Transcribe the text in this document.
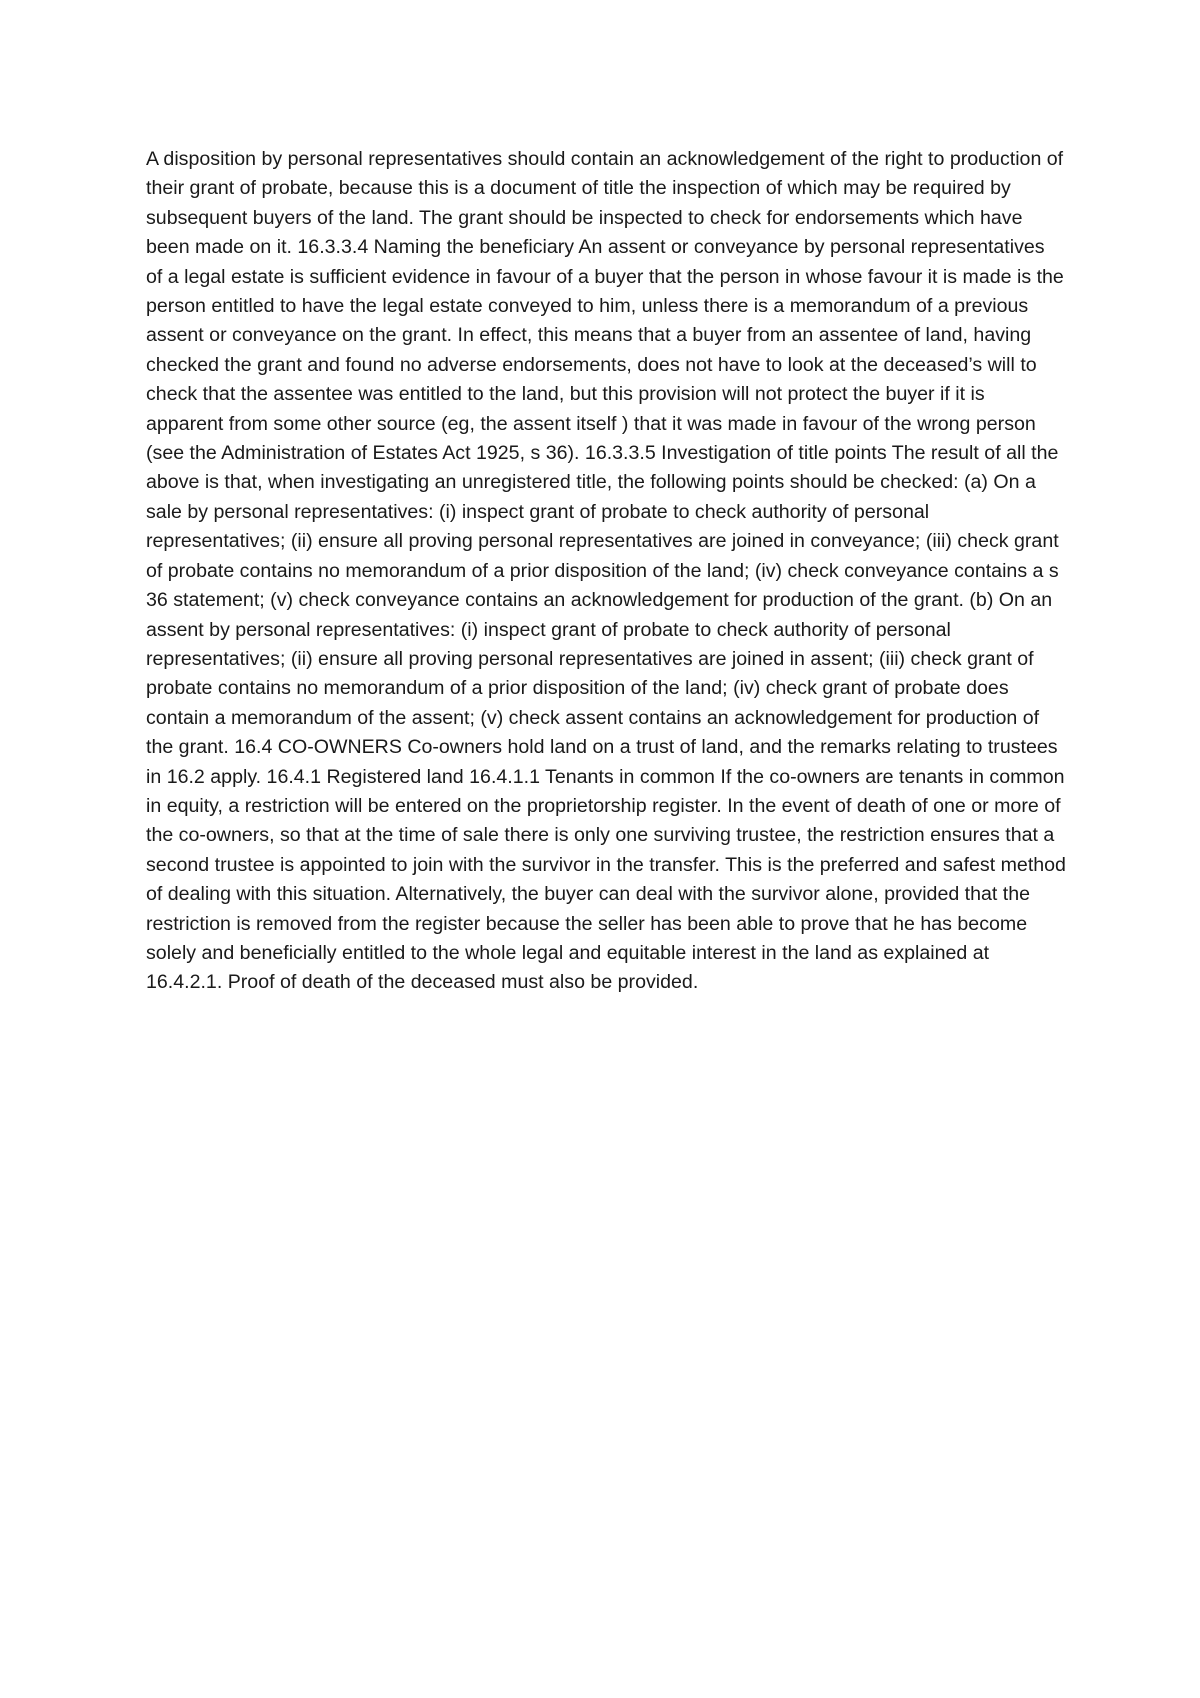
A disposition by personal representatives should contain an acknowledgement of the right to production of their grant of probate, because this is a document of title the inspection of which may be required by subsequent buyers of the land. The grant should be inspected to check for endorsements which have been made on it. 16.3.3.4 Naming the beneficiary An assent or conveyance by personal representatives of a legal estate is sufficient evidence in favour of a buyer that the person in whose favour it is made is the person entitled to have the legal estate conveyed to him, unless there is a memorandum of a previous assent or conveyance on the grant. In effect, this means that a buyer from an assentee of land, having checked the grant and found no adverse endorsements, does not have to look at the deceased’s will to check that the assentee was entitled to the land, but this provision will not protect the buyer if it is apparent from some other source (eg, the assent itself ) that it was made in favour of the wrong person (see the Administration of Estates Act 1925, s 36). 16.3.3.5 Investigation of title points The result of all the above is that, when investigating an unregistered title, the following points should be checked: (a) On a sale by personal representatives: (i) inspect grant of probate to check authority of personal representatives; (ii) ensure all proving personal representatives are joined in conveyance; (iii) check grant of probate contains no memorandum of a prior disposition of the land; (iv) check conveyance contains a s 36 statement; (v) check conveyance contains an acknowledgement for production of the grant. (b) On an assent by personal representatives: (i) inspect grant of probate to check authority of personal representatives; (ii) ensure all proving personal representatives are joined in assent; (iii) check grant of probate contains no memorandum of a prior disposition of the land; (iv) check grant of probate does contain a memorandum of the assent; (v) check assent contains an acknowledgement for production of the grant. 16.4 CO-OWNERS Co-owners hold land on a trust of land, and the remarks relating to trustees in 16.2 apply. 16.4.1 Registered land 16.4.1.1 Tenants in common If the co-owners are tenants in common in equity, a restriction will be entered on the proprietorship register. In the event of death of one or more of the co-owners, so that at the time of sale there is only one surviving trustee, the restriction ensures that a second trustee is appointed to join with the survivor in the transfer. This is the preferred and safest method of dealing with this situation. Alternatively, the buyer can deal with the survivor alone, provided that the restriction is removed from the register because the seller has been able to prove that he has become solely and beneficially entitled to the whole legal and equitable interest in the land as explained at 16.4.2.1. Proof of death of the deceased must also be provided.
